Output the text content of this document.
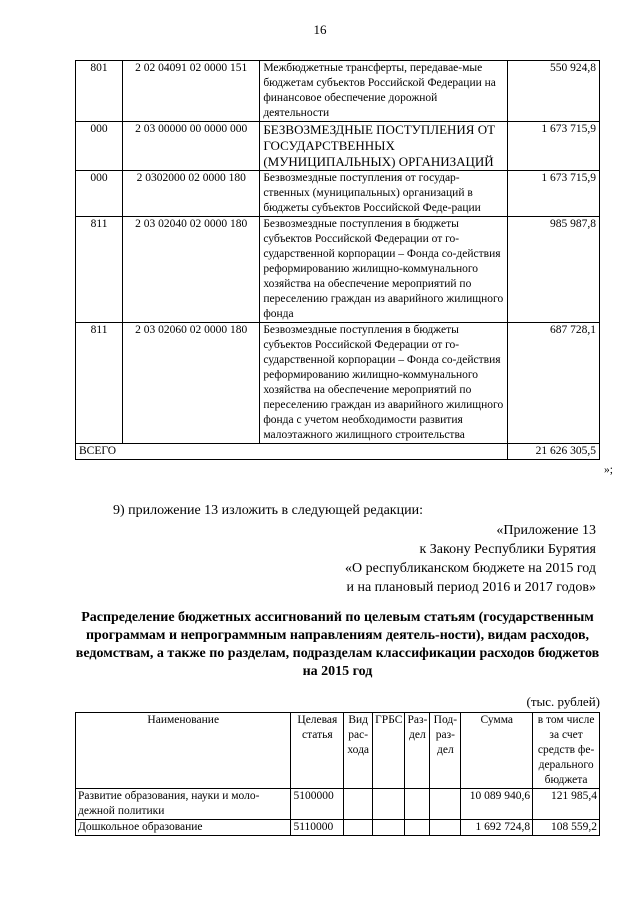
16
801	2 02 04091 02 0000 151	Межбюджетные трансферты, передавае-мые бюджетам субъектов Российской Федерации на финансовое обеспечение дорожной деятельности	550 924,8
000	2 03 00000 00 0000 000	БЕЗВОЗМЕЗДНЫЕ ПОСТУПЛЕНИЯ ОТ ГОСУДАРСТВЕННЫХ (МУНИЦИПАЛЬНЫХ) ОРГАНИЗАЦИЙ	1 673 715,9
000	2 0302000 02 0000 180	Безвозмездные поступления от государ-ственных (муниципальных) организаций в бюджеты субъектов Российской Феде-рации	1 673 715,9
811	2 03 02040 02 0000 180	Безвозмездные поступления в бюджеты субъектов Российской Федерации от го-сударственной корпорации – Фонда со-действия реформированию жилищно-коммунального хозяйства на обеспечение мероприятий по переселению граждан из аварийного жилищного фонда	985 987,8
811	2 03 02060 02 0000 180	Безвозмездные поступления в бюджеты субъектов Российской Федерации от го-сударственной корпорации – Фонда со-действия реформированию жилищно-коммунального хозяйства на обеспечение мероприятий по переселению граждан из аварийного жилищного фонда с учетом необходимости развития малоэтажного жилищного строительства	687 728,1
ВСЕГО			21 626 305,5
»;
9) приложение 13 изложить в следующей редакции:
«Приложение 13
к Закону Республики Бурятия
«О республиканском бюджете на 2015 год
и на плановый период 2016 и 2017 годов»
Распределение бюджетных ассигнований по целевым статьям (государственным программам и непрограммным направлениям деятель-ности), видам расходов, ведомствам, а также по разделам, подразделам классификации расходов бюджетов на 2015 год
(тыс. рублей)
Наименование	Целевая статья	Вид рас-хода	ГРБС	Раз-дел	Под-раз-дел	Сумма	в том числе за счет средств фе-дерального бюджета
Развитие образования, науки и моло-дежной политики	5100000					10 089 940,6	121 985,4
Дошкольное образование	5110000					1 692 724,8	108 559,2
